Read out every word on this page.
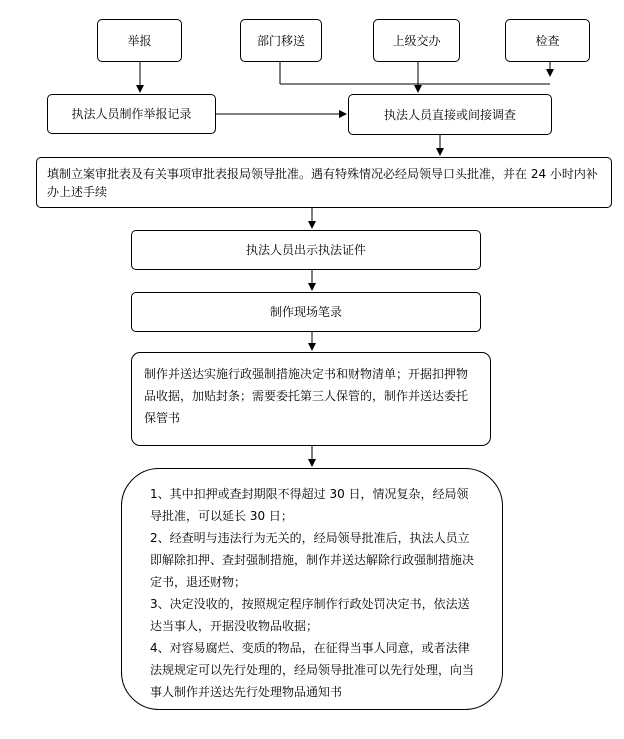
举报	部门移送	上级交办	检查
执法人员制作举报记录	执法人员直接或间接调查
填制立案审批表及有关事项审批表报局领导批准。遇有特殊情况必经局领导口头批准，并在 24 小时内补办上述手续
执法人员出示执法证件
制作现场笔录
制作并送达实施行政强制措施决定书和财物清单；开据扣押物品收据，加贴封条；需要委托第三人保管的，制作并送达委托保管书
1、其中扣押或查封期限不得超过 30 日，情况复杂，经局领导批准，可以延长 30 日；
2、经查明与违法行为无关的，经局领导批准后，执法人员立即解除扣押、查封强制措施，制作并送达解除行政强制措施决定书，退还财物；
3、决定没收的，按照规定程序制作行政处罚决定书，依法送达当事人，开据没收物品收据；
4、对容易腐烂、变质的物品，在征得当事人同意，或者法律法规规定可以先行处理的，经局领导批准可以先行处理，向当事人制作并送达先行处理物品通知书
